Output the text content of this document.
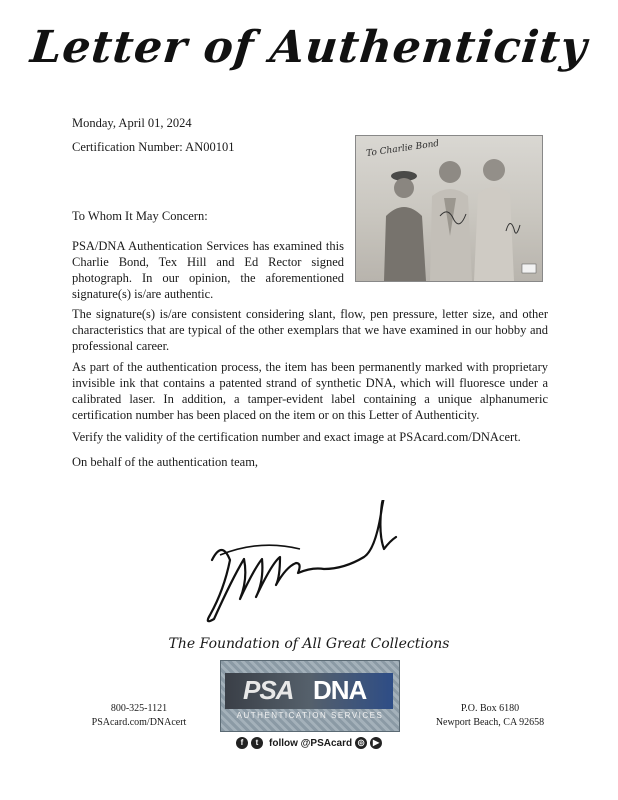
Letter of Authenticity
Monday, April 01, 2024
Certification Number: AN00101	To Charlie Bond
To Whom It May Concern:
PSA/DNA Authentication Services has examined this Charlie Bond, Tex Hill and Ed Rector signed photograph. In our opinion, the aforementioned signature(s) is/are authentic.
The signature(s) is/are consistent considering slant, flow, pen pressure, letter size, and other characteristics that are typical of the other exemplars that we have examined in our hobby and professional career.
As part of the authentication process, the item has been permanently marked with proprietary invisible ink that contains a patented strand of synthetic DNA, which will fluoresce under a calibrated laser. In addition, a tamper-evident label containing a unique alphanumeric certification number has been placed on the item or on this Letter of Authenticity.
Verify the validity of the certification number and exact image at PSAcard.com/DNAcert.
On behalf of the authentication team,
The Foundation of All Great Collections
800-325-1121
PSAcard.com/DNAcert
PSA DNA
AUTHENTICATION SERVICES
f	t	follow @PSAcard ◎	▶
P.O. Box 6180
Newport Beach, CA 92658
